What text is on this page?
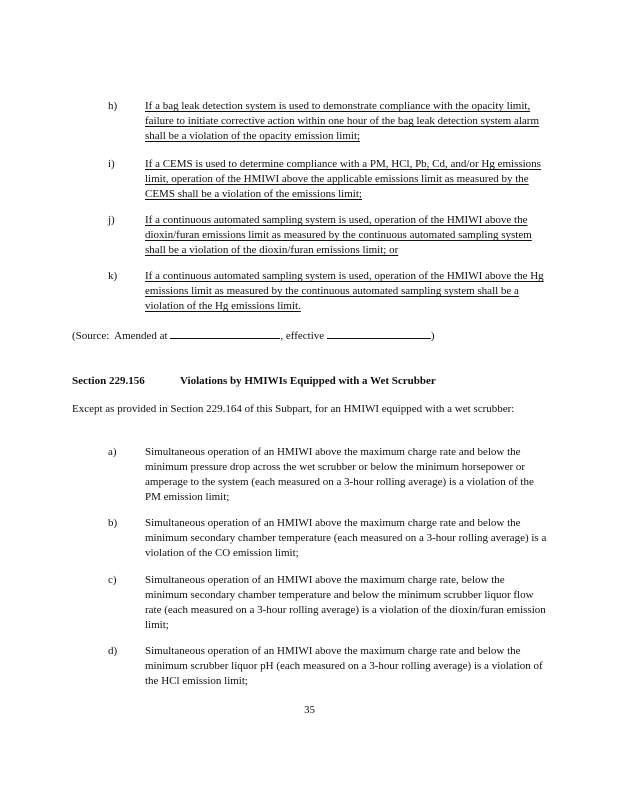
h)	If a bag leak detection system is used to demonstrate compliance with the opacity limit, failure to initiate corrective action within one hour of the bag leak detection system alarm shall be a violation of the opacity emission limit;
i)	If a CEMS is used to determine compliance with a PM, HCl, Pb, Cd, and/or Hg emissions limit, operation of the HMIWI above the applicable emissions limit as measured by the CEMS shall be a violation of the emissions limit;
j)	If a continuous automated sampling system is used, operation of the HMIWI above the dioxin/furan emissions limit as measured by the continuous automated sampling system shall be a violation of the dioxin/furan emissions limit; or
k)	If a continuous automated sampling system is used, operation of the HMIWI above the Hg emissions limit as measured by the continuous automated sampling system shall be a violation of the Hg emissions limit.
(Source:  Amended at	, effective	)
Section 229.156	Violations by HMIWIs Equipped with a Wet Scrubber
Except as provided in Section 229.164 of this Subpart, for an HMIWI equipped with a wet scrubber:
a)	Simultaneous operation of an HMIWI above the maximum charge rate and below the minimum pressure drop across the wet scrubber or below the minimum horsepower or amperage to the system (each measured on a 3-hour rolling average) is a violation of the PM emission limit;
b)	Simultaneous operation of an HMIWI above the maximum charge rate and below the minimum secondary chamber temperature (each measured on a 3-hour rolling average) is a violation of the CO emission limit;
c)	Simultaneous operation of an HMIWI above the maximum charge rate, below the minimum secondary chamber temperature and below the minimum scrubber liquor flow rate (each measured on a 3-hour rolling average) is a violation of the dioxin/furan emission limit;
d)	Simultaneous operation of an HMIWI above the maximum charge rate and below the minimum scrubber liquor pH (each measured on a 3-hour rolling average) is a violation of the HCl emission limit;
35
